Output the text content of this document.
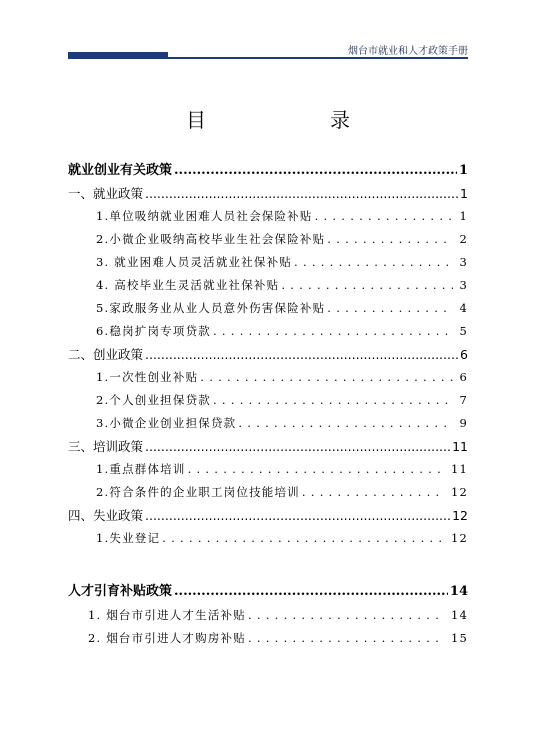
烟台市就业和人才政策手册
目　　录
就业创业有关政策 .....	1
一、就业政策 .....	1
1.单位吸纳就业困难人员社会保险补贴 . . .	1
2.小微企业吸纳高校毕业生社会保险补贴 . . .	2
3. 就业困难人员灵活就业社保补贴 . . .	3
4. 高校毕业生灵活就业社保补贴 . . .	3
5.家政服务业从业人员意外伤害保险补贴 . . .	4
6.稳岗扩岗专项贷款 . . .	5
二、创业政策 .....	6
1.一次性创业补贴 . . .	6
2.个人创业担保贷款 . . .	7
3.小微企业创业担保贷款 . . .	9
三、培训政策 .....	11
1.重点群体培训 . . .	11
2.符合条件的企业职工岗位技能培训 . . .	12
四、失业政策 .....	12
1.失业登记 . . .	12
人才引育补贴政策 .....	14
1. 烟台市引进人才生活补贴 . . .	14
2. 烟台市引进人才购房补贴 . . .	15
